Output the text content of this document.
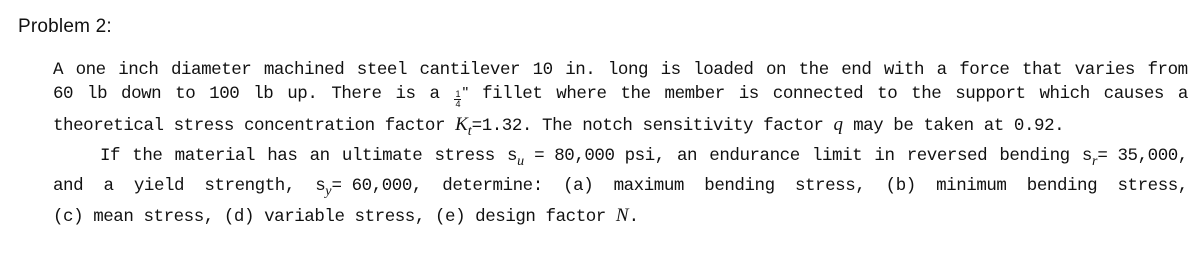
Problem 2:
A one inch diameter machined steel cantilever 10 in. long is loaded on the end with a force that varies from
60 lb down to 100 lb up. There is a $\frac{1}{4}$ " fillet where the member is connected to the support which causes a
theoretical stress concentration factor $K_t=1.32$. The notch sensitivity factor q may be taken at 0.92.
If the material has an ultimate stress $s_u = 80,000$ psi, an endurance limit in reversed bending $s_r= 35,000$,
and a yield strength, $s_y= 60,000$, determine: (a) maximum bending stress, (b) minimum bending stress,
(c) mean stress, (d) variable stress, (e) design factor N.
